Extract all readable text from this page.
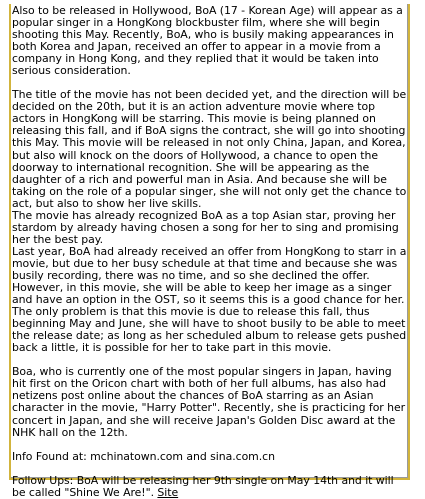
Also to be released in Hollywood, BoA (17 - Korean Age) will appear as a popular singer in a HongKong blockbuster film, where she will begin shooting this May. Recently, BoA, who is busily making appearances in both Korea and Japan, received an offer to appear in a movie from a company in Hong Kong, and they replied that it would be taken into serious consideration.

The title of the movie has not been decided yet, and the direction will be decided on the 20th, but it is an action adventure movie where top actors in HongKong will be starring. This movie is being planned on releasing this fall, and if BoA signs the contract, she will go into shooting this May. This movie will be released in not only China, Japan, and Korea, but also will knock on the doors of Hollywood, a chance to open the doorway to international recognition. She will be appearing as the daughter of a rich and powerful man in Asia. And because she will be taking on the role of a popular singer, she will not only get the chance to act, but also to show her live skills.

The movie has already recognized BoA as a top Asian star, proving her stardom by already having chosen a song for her to sing and promising her the best pay.

Last year, BoA had already received an offer from HongKong to starr in a movie, but due to her busy schedule at that time and because she was busily recording, there was no time, and so she declined the offer. However, in this movie, she will be able to keep her image as a singer and have an option in the OST, so it seems this is a good chance for her. The only problem is that this movie is due to release this fall, thus beginning May and June, she will have to shoot busily to be able to meet the release date; as long as her scheduled album to release gets pushed back a little, it is possible for her to take part in this movie.

Boa, who is currently one of the most popular singers in Japan, having hit first on the Oricon chart with both of her full albums, has also had netizens post online about the chances of BoA starring as an Asian character in the movie, "Harry Potter". Recently, she is practicing for her concert in Japan, and she will receive Japan's Golden Disc award at the NHK hall on the 12th.

Info Found at: mchinatown.com and sina.com.cn

Follow Ups: BoA will be releasing her 9th single on May 14th and it will be called "Shine We Are!". Site
